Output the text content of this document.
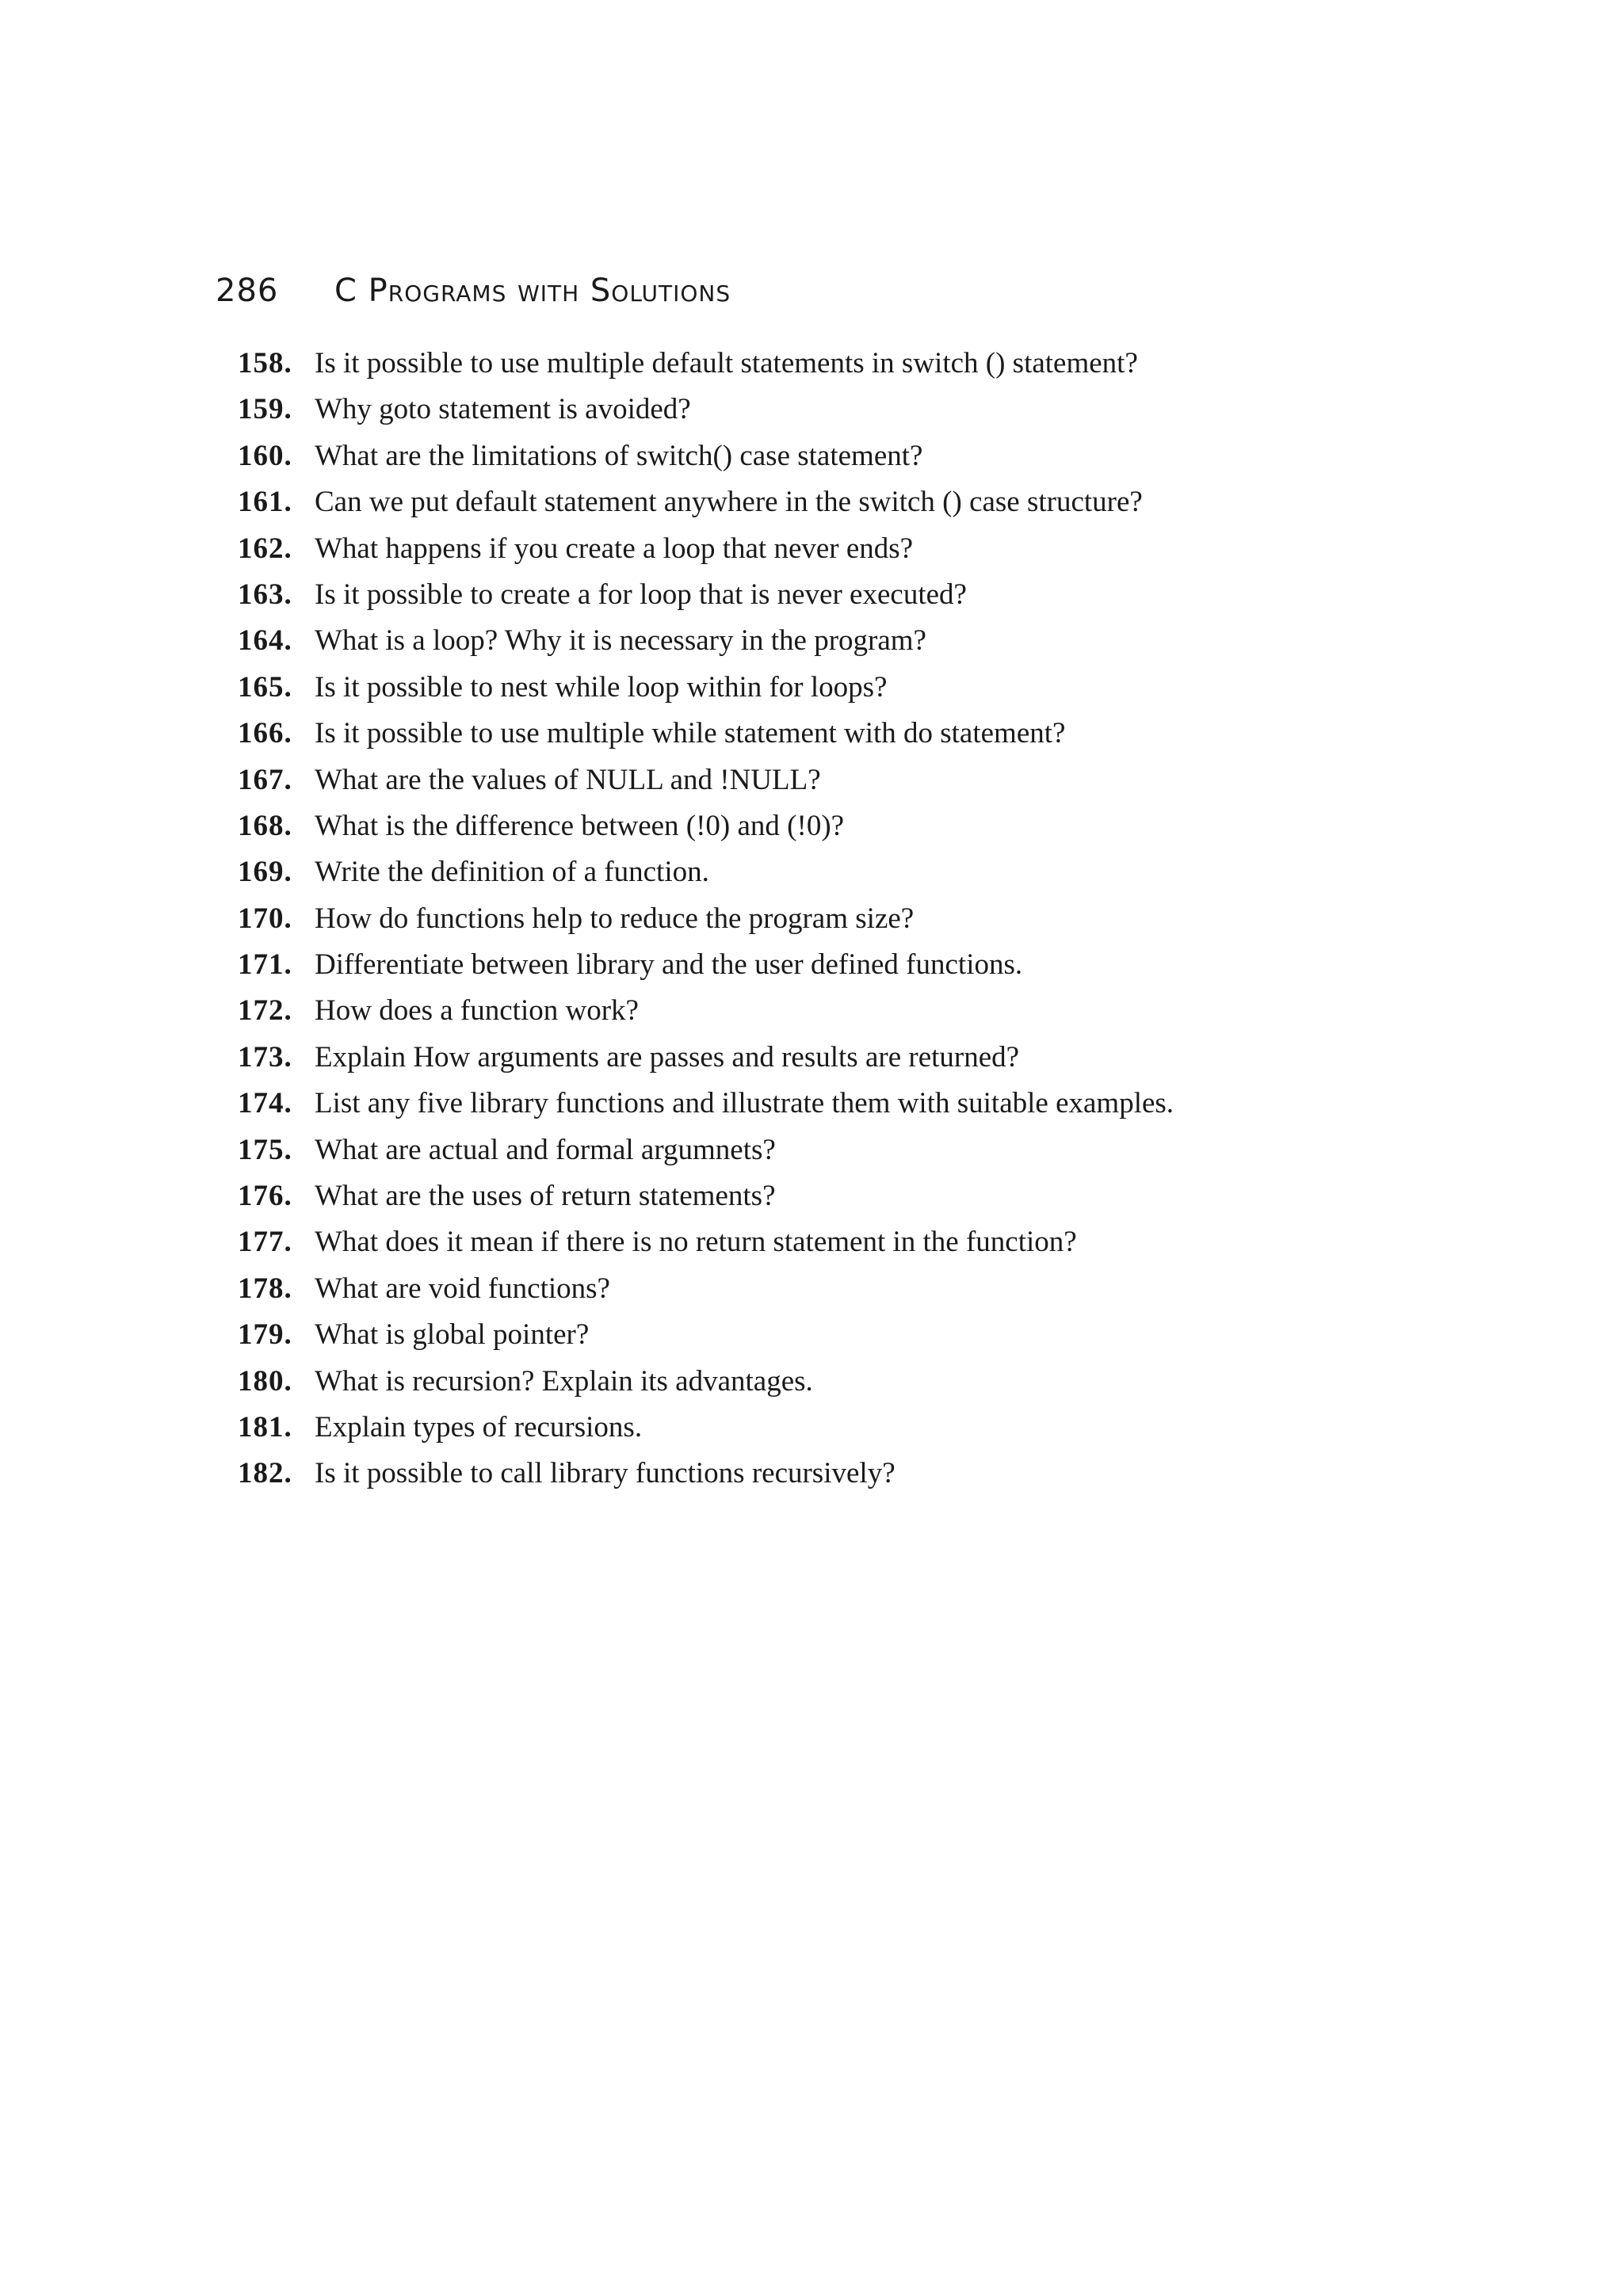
286	C Programs with Solutions
158. Is it possible to use multiple default statements in switch () statement?
159. Why goto statement is avoided?
160. What are the limitations of switch() case statement?
161. Can we put default statement anywhere in the switch () case structure?
162. What happens if you create a loop that never ends?
163. Is it possible to create a for loop that is never executed?
164. What is a loop? Why it is necessary in the program?
165. Is it possible to nest while loop within for loops?
166. Is it possible to use multiple while statement with do statement?
167. What are the values of NULL and !NULL?
168. What is the difference between (!0) and (!0)?
169. Write the definition of a function.
170. How do functions help to reduce the program size?
171. Differentiate between library and the user defined functions.
172. How does a function work?
173. Explain How arguments are passes and results are returned?
174. List any five library functions and illustrate them with suitable examples.
175. What are actual and formal argumnets?
176. What are the uses of return statements?
177. What does it mean if there is no return statement in the function?
178. What are void functions?
179. What is global pointer?
180. What is recursion? Explain its advantages.
181. Explain types of recursions.
182. Is it possible to call library functions recursively?
